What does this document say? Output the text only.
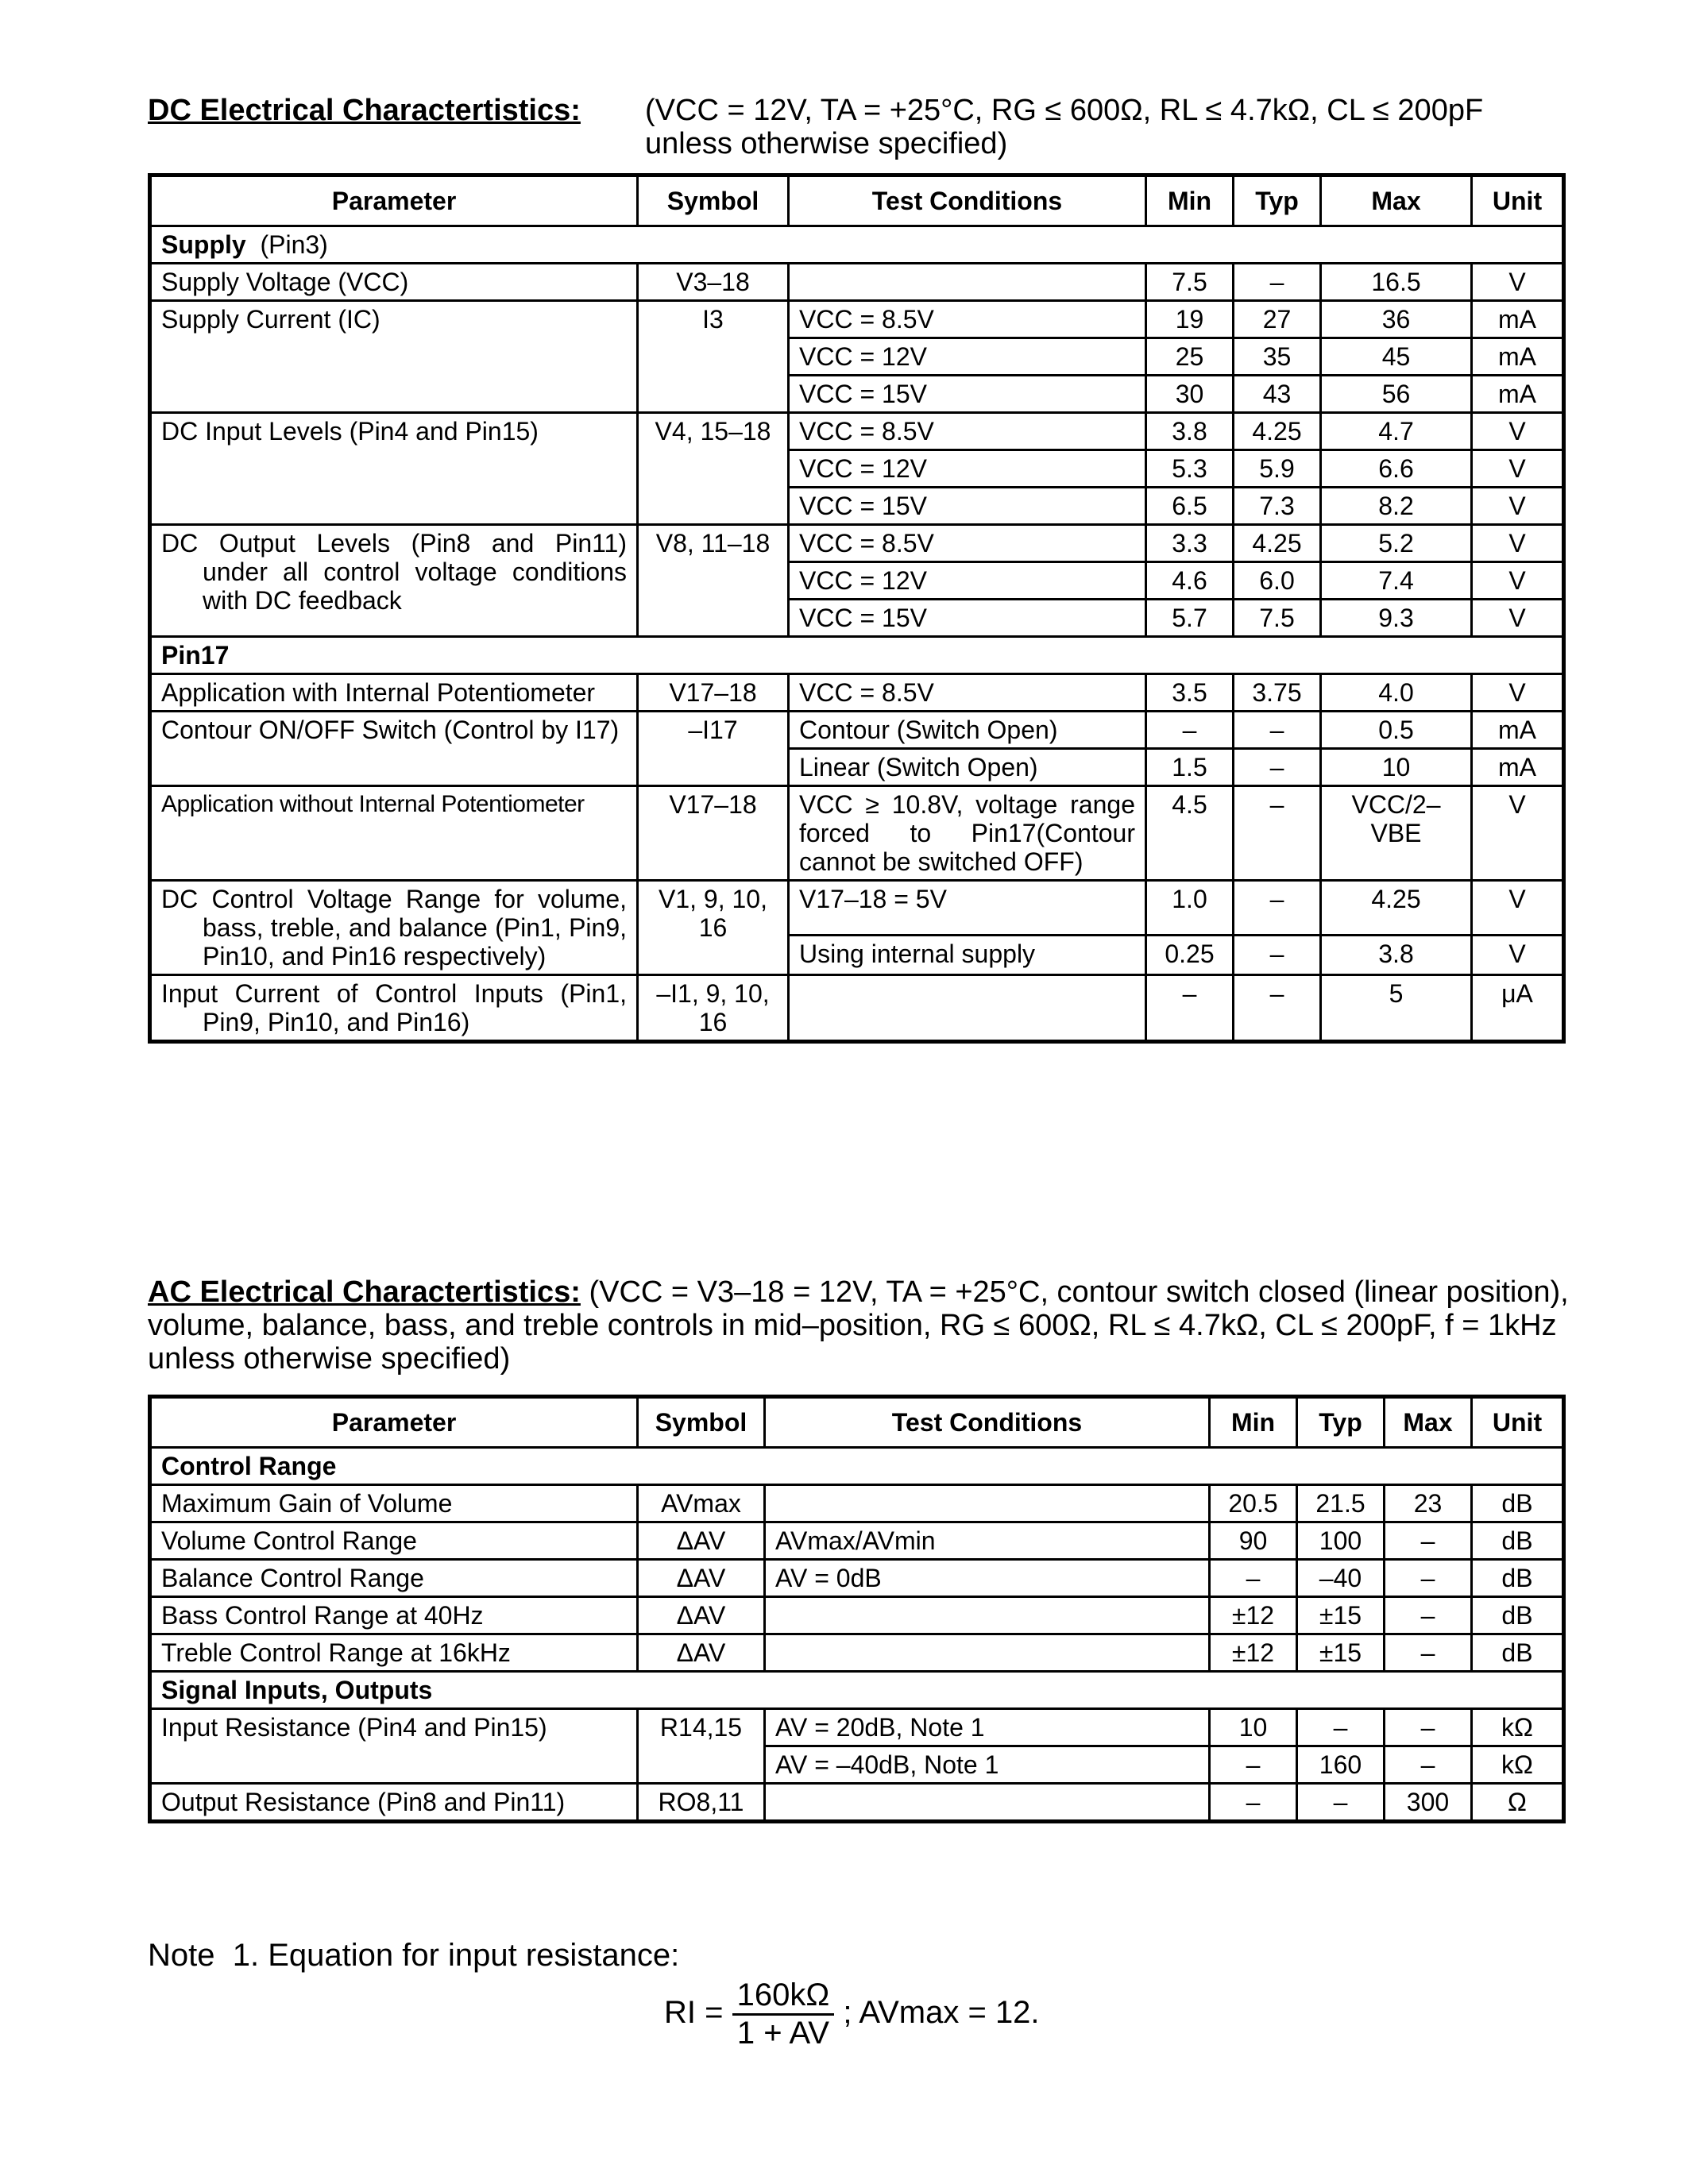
DC Electrical Charactertistics: (VCC = 12V, TA = +25°C, RG ≤ 600Ω, RL ≤ 4.7kΩ, CL ≤ 200pF
unless otherwise specified)
Parameter	Symbol	Test Conditions	Min	Typ	Max	Unit
Supply (Pin3)						
Supply Voltage (VCC)	V3–18		7.5	–	16.5	V
Supply Current (IC)	I3	VCC = 8.5V	19	27	36	mA
		VCC = 12V	25	35	45	mA
		VCC = 15V	30	43	56	mA
DC Input Levels (Pin4 and Pin15)	V4, 15–18	VCC = 8.5V	3.8	4.25	4.7	V
		VCC = 12V	5.3	5.9	6.6	V
		VCC = 15V	6.5	7.3	8.2	V
DC Output Levels (Pin8 and Pin11) under all control voltage conditions with DC feedback	V8, 11–18	VCC = 8.5V	3.3	4.25	5.2	V
		VCC = 12V	4.6	6.0	7.4	V
		VCC = 15V	5.7	7.5	9.3	V
Pin17						
Application with Internal Potentiometer	V17–18	VCC = 8.5V	3.5	3.75	4.0	V
Contour ON/OFF Switch (Control by I17)	–I17	Contour (Switch Open)	–	–	0.5	mA
		Linear (Switch Open)	1.5	–	10	mA
Application without Internal Potentiometer	V17–18	VCC ≥ 10.8V, voltage range forced to Pin17(Contour cannot be switched OFF)	4.5	–	VCC/2–VBE	V
DC Control Voltage Range for volume, bass, treble, and balance (Pin1, Pin9, Pin10, and Pin16 respectively)	V1, 9, 10, 16	V17–18 = 5V	1.0	–	4.25	V
		Using internal supply	0.25	–	3.8	V
Input Current of Control Inputs (Pin1, Pin9, Pin10, and Pin16)	–I1, 9, 10, 16		–	–	5	μA
AC Electrical Charactertistics: (VCC = V3–18 = 12V, TA = +25°C, contour switch closed (linear position), volume, balance, bass, and treble controls in mid–position, RG ≤ 600Ω, RL ≤ 4.7kΩ, CL ≤ 200pF, f = 1kHz unless otherwise specified)
Parameter	Symbol	Test Conditions	Min	Typ	Max	Unit
Control Range						
Maximum Gain of Volume	AVmax		20.5	21.5	23	dB
Volume Control Range	ΔAV	AVmax/AVmin	90	100	–	dB
Balance Control Range	ΔAV	AV = 0dB	–	–40	–	dB
Bass Control Range at 40Hz	ΔAV		±12	±15	–	dB
Treble Control Range at 16kHz	ΔAV		±12	±15	–	dB
Signal Inputs, Outputs						
Input Resistance (Pin4 and Pin15)	R14,15	AV = 20dB, Note 1	10	–	–	kΩ
		AV = –40dB, Note 1	–	160	–	kΩ
Output Resistance (Pin8 and Pin11)	RO8,11		–	–	300	Ω
Note  1. Equation for input resistance:
RI = $\frac{160k\Omega}{1 + AV}$ ; AVmax = 12.
